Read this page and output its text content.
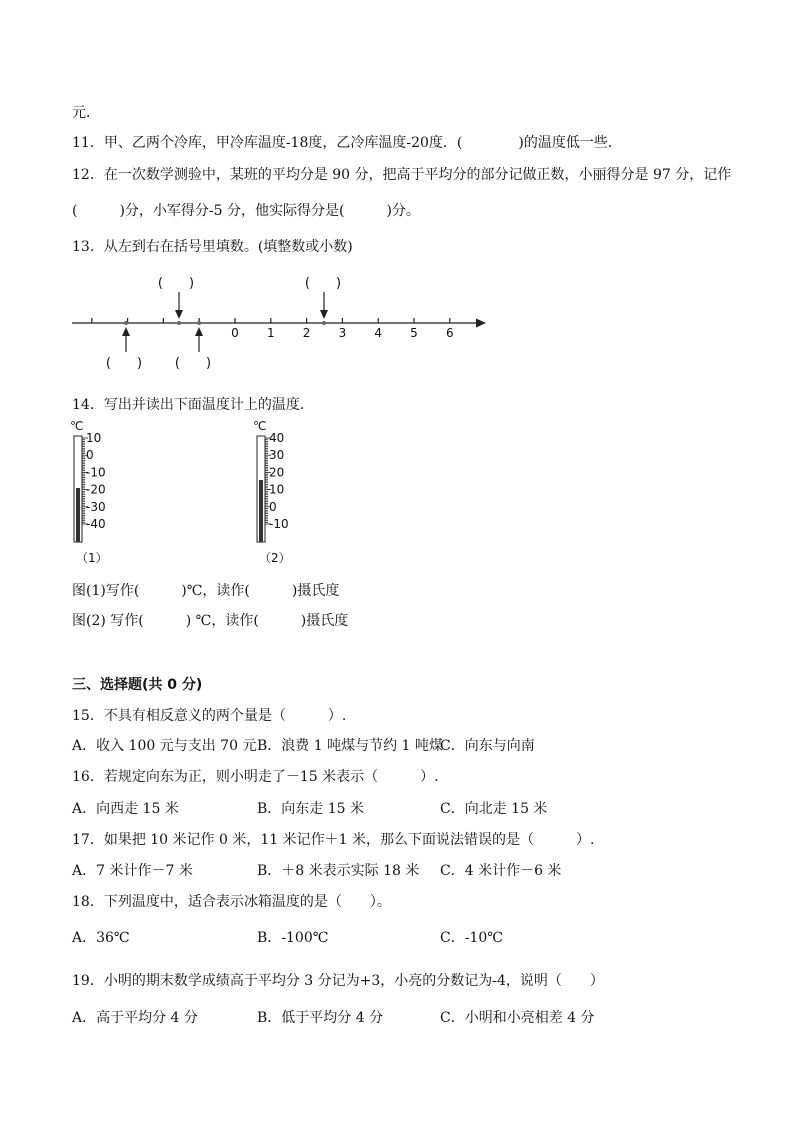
元．
11．甲、乙两个冷库，甲冷库温度-18度，乙冷库温度-20度．(　　　　)的温度低一些．
12．在一次数学测验中，某班的平均分是 90 分，把高于平均分的部分记做正数，小丽得分是 97 分，记作
(　　　)分，小军得分-5 分，他实际得分是(　　　)分。
13．从左到右在括号里填数。(填整数或小数)
0 1 2 3 4 5 6
(　　)	(　　)
(　　)	(　　)
14．写出并读出下面温度计上的温度．
℃
10
0
-10
-20
-30
-40
（1）
℃
40
30
20
10
0
-10
（2）
图(1)写作(　　　)℃，读作(　　　)摄氏度
图(2) 写作(　　　) ℃，读作(　　　)摄氏度
三、选择题(共 0 分)
15．不具有相反意义的两个量是（　　　）.
A．收入 100 元与支出 70 元 B．浪费 1 吨煤与节约 1 吨煤
C．向东与向南
16．若规定向东为正，则小明走了－15 米表示（　　　）.
A．向西走 15 米	B．向东走 15 米	C．向北走 15 米
17．如果把 10 米记作 0 米，11 米记作＋1 米，那么下面说法错误的是（　　　）.
A．7 米计作－7 米	B．＋8 米表示实际 18 米 C．4 米计作－6 米
18．下列温度中，适合表示冰箱温度的是（　　）。
A．36℃	B．-100℃	C．-10℃
19．小明的期末数学成绩高于平均分 3 分记为+3，小亮的分数记为-4，说明（　　）
A．高于平均分 4 分	B．低于平均分 4 分	C．小明和小亮相差 4 分
